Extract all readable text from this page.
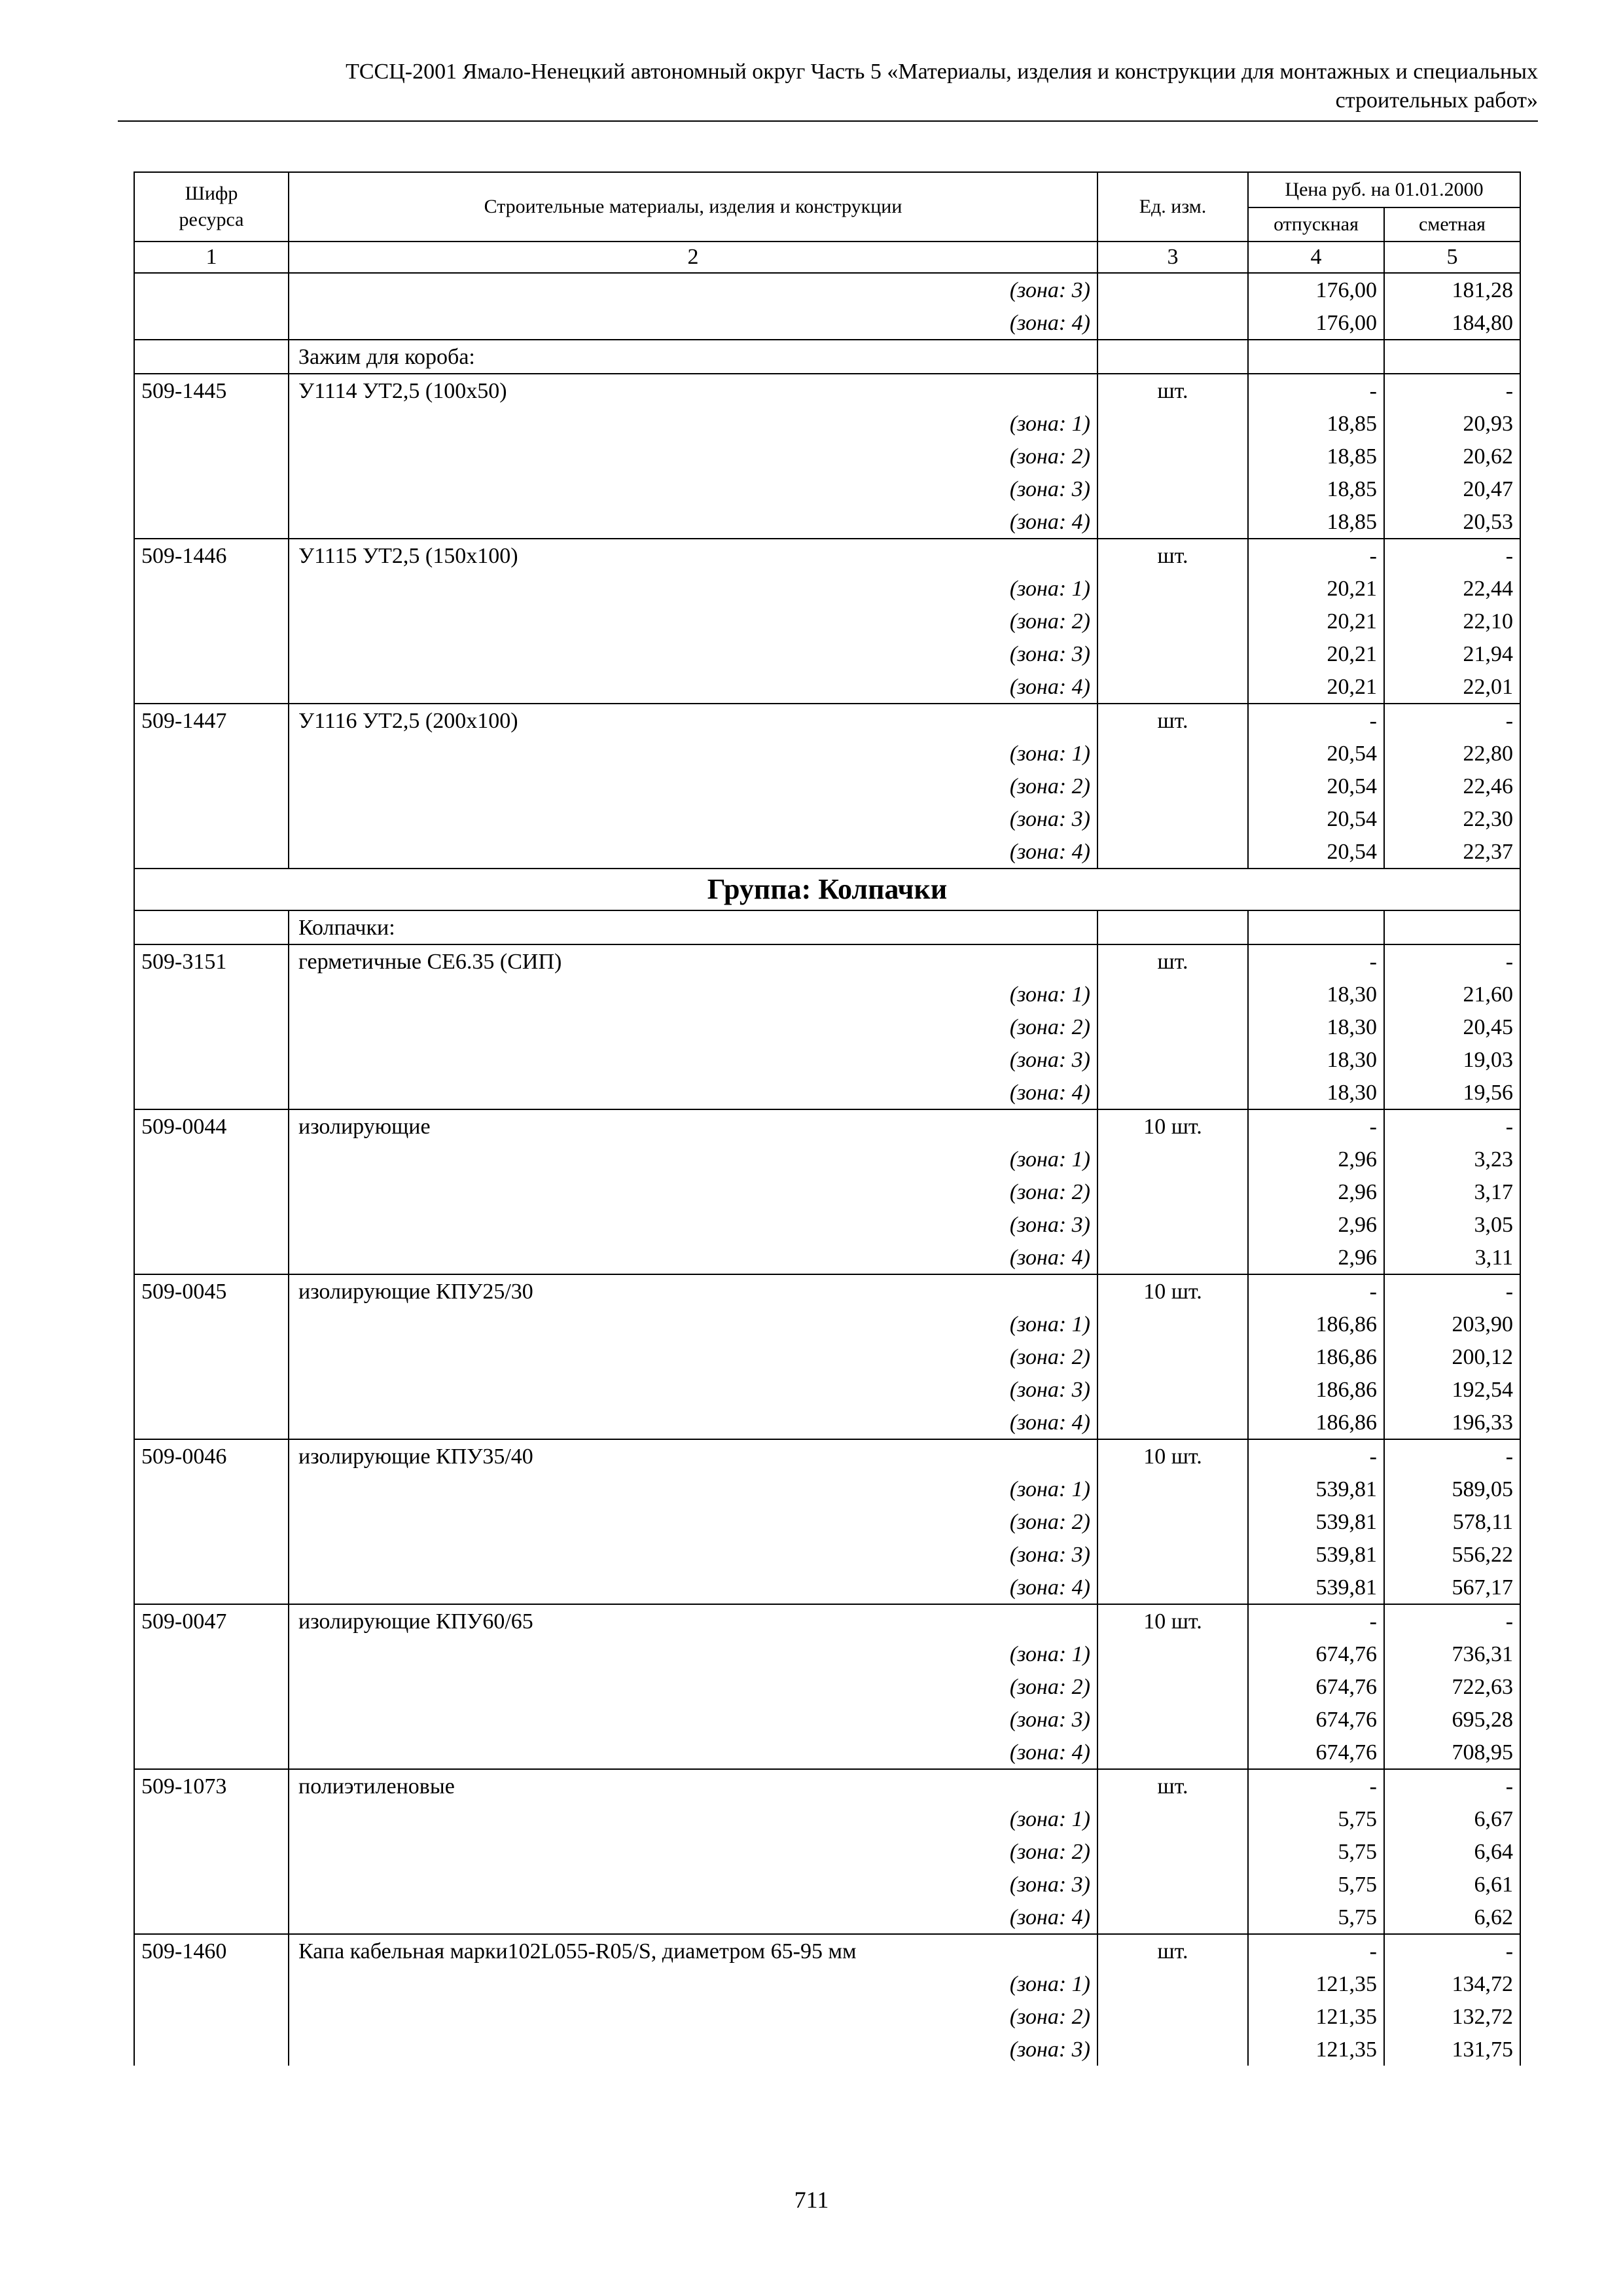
ТССЦ-2001 Ямало-Ненецкий автономный округ Часть 5 «Материалы, изделия и конструкции для монтажных и специальных
строительных работ»
Шифр ресурса	Строительные материалы, изделия и конструкции	Ед. изм.	Цена руб. на 01.01.2000	
			отпускная	сметная
1	2	3	4	5
	(зона: 3)		176,00	181,28
	(зона: 4)		176,00	184,80
	Зажим для короба:			
509-1445	У1114 УТ2,5 (100х50)	шт.	-	-
	(зона: 1)		18,85	20,93
	(зона: 2)		18,85	20,62
	(зона: 3)		18,85	20,47
	(зона: 4)		18,85	20,53
509-1446	У1115 УТ2,5 (150х100)	шт.	-	-
	(зона: 1)		20,21	22,44
	(зона: 2)		20,21	22,10
	(зона: 3)		20,21	21,94
	(зона: 4)		20,21	22,01
509-1447	У1116 УТ2,5 (200х100)	шт.	-	-
	(зона: 1)		20,54	22,80
	(зона: 2)		20,54	22,46
	(зона: 3)		20,54	22,30
	(зона: 4)		20,54	22,37
Группа: Колпачки				
	Колпачки:			
509-3151	герметичные СЕ6.35 (СИП)	шт.	-	-
	(зона: 1)		18,30	21,60
	(зона: 2)		18,30	20,45
	(зона: 3)		18,30	19,03
	(зона: 4)		18,30	19,56
509-0044	изолирующие	10 шт.	-	-
	(зона: 1)		2,96	3,23
	(зона: 2)		2,96	3,17
	(зона: 3)		2,96	3,05
	(зона: 4)		2,96	3,11
509-0045	изолирующие КПУ25/30	10 шт.	-	-
	(зона: 1)		186,86	203,90
	(зона: 2)		186,86	200,12
	(зона: 3)		186,86	192,54
	(зона: 4)		186,86	196,33
509-0046	изолирующие КПУ35/40	10 шт.	-	-
	(зона: 1)		539,81	589,05
	(зона: 2)		539,81	578,11
	(зона: 3)		539,81	556,22
	(зона: 4)		539,81	567,17
509-0047	изолирующие КПУ60/65	10 шт.	-	-
	(зона: 1)		674,76	736,31
	(зона: 2)		674,76	722,63
	(зона: 3)		674,76	695,28
	(зона: 4)		674,76	708,95
509-1073	полиэтиленовые	шт.	-	-
	(зона: 1)		5,75	6,67
	(зона: 2)		5,75	6,64
	(зона: 3)		5,75	6,61
	(зона: 4)		5,75	6,62
509-1460	Капа кабельная марки102L055-R05/S, диаметром 65-95 мм	шт.	-	-
	(зона: 1)		121,35	134,72
	(зона: 2)		121,35	132,72
	(зона: 3)		121,35	131,75
711
